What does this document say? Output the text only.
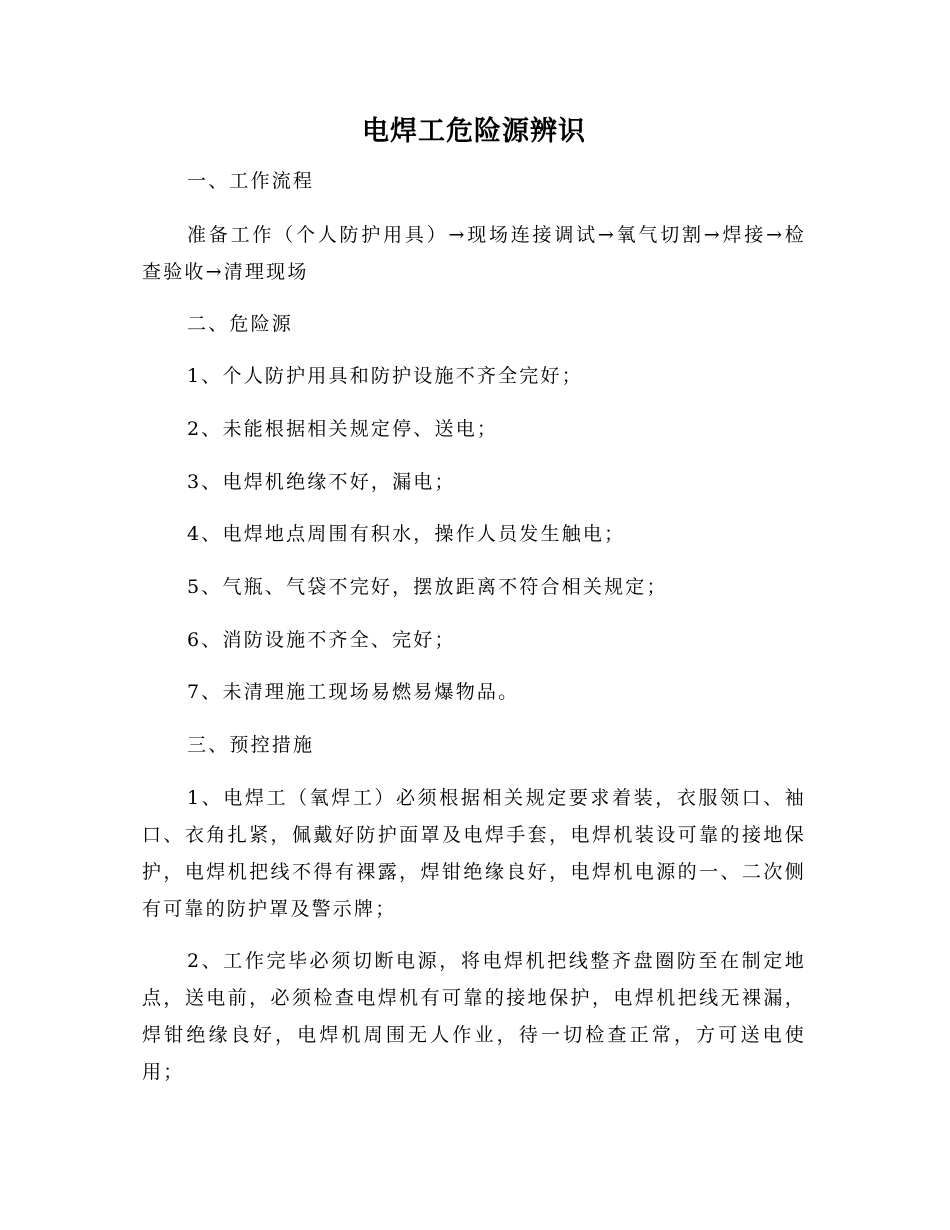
电焊工危险源辨识

一、工作流程

准备工作（个人防护用具）→现场连接调试→氧气切割→焊接→检查验收→清理现场

二、危险源

1、个人防护用具和防护设施不齐全完好；

2、未能根据相关规定停、送电；

3、电焊机绝缘不好，漏电；

4、电焊地点周围有积水，操作人员发生触电；

5、气瓶、气袋不完好，摆放距离不符合相关规定；

6、消防设施不齐全、完好；

7、未清理施工现场易燃易爆物品。

三、预控措施

1、电焊工（氧焊工）必须根据相关规定要求着装，衣服领口、袖口、衣角扎紧，佩戴好防护面罩及电焊手套，电焊机装设可靠的接地保护，电焊机把线不得有裸露，焊钳绝缘良好，电焊机电源的一、二次侧有可靠的防护罩及警示牌；

2、工作完毕必须切断电源，将电焊机把线整齐盘圈防至在制定地点，送电前，必须检查电焊机有可靠的接地保护，电焊机把线无裸漏，焊钳绝缘良好，电焊机周围无人作业，待一切检查正常，方可送电使用；
